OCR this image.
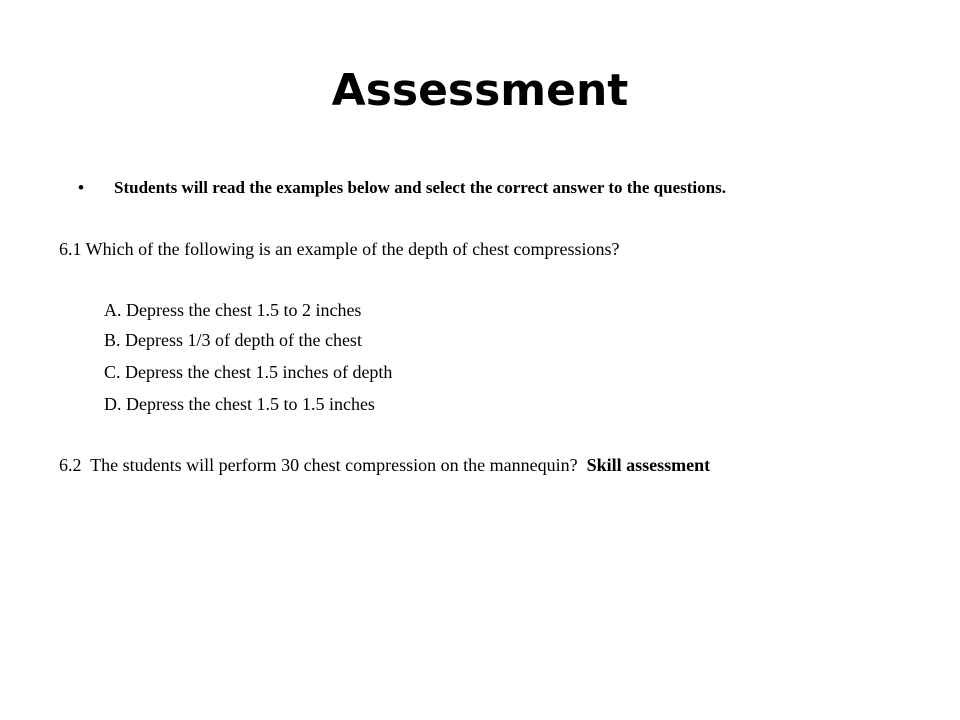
Assessment
• Students will read the examples below and select the correct answer to the questions.
6.1 Which of the following is an example of the depth of chest compressions?
A. Depress the chest 1.5 to 2 inches
B. Depress 1/3 of depth of the chest
C. Depress the chest 1.5 inches of depth
D. Depress the chest 1.5 to 1.5 inches
6.2  The students will perform 30 chest compression on the mannequin?  Skill assessment
